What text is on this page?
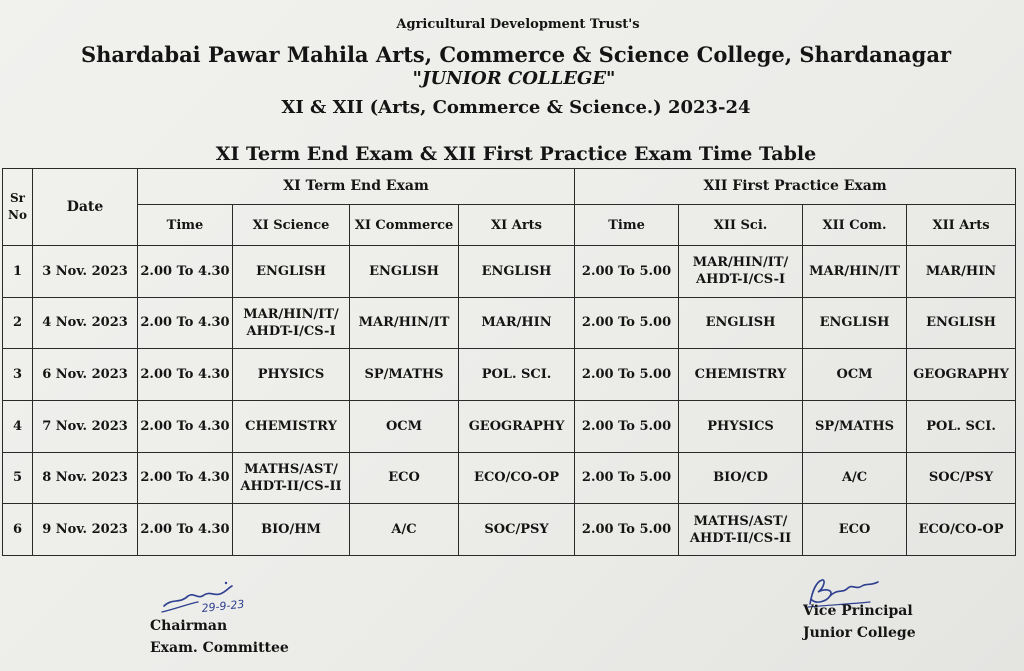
Agricultural Development Trust's
Shardabai Pawar Mahila Arts, Commerce & Science College, Shardanagar
"JUNIOR COLLEGE"
XI & XII (Arts, Commerce & Science.) 2023-24
XI Term End Exam & XII First Practice Exam Time Table
Sr
No	Date	XI Term End Exam				XII First Practice Exam			
		Time	XI Science	XI Commerce	XI Arts	Time	XII Sci.	XII Com.	XII Arts
1	3 Nov. 2023	2.00 To 4.30	ENGLISH	ENGLISH	ENGLISH	2.00 To 5.00	MAR/HIN/IT/
AHDT-I/CS-I	MAR/HIN/IT	MAR/HIN

2	4 Nov. 2023	2.00 To 4.30	MAR/HIN/IT/
AHDT-I/CS-I	MAR/HIN/IT	MAR/HIN	2.00 To 5.00	ENGLISH	ENGLISH	ENGLISH

3	6 Nov. 2023	2.00 To 4.30	PHYSICS	SP/MATHS	POL. SCI.	2.00 To 5.00	CHEMISTRY	OCM	GEOGRAPHY

4	7 Nov. 2023	2.00 To 4.30	CHEMISTRY	OCM	GEOGRAPHY	2.00 To 5.00	PHYSICS	SP/MATHS	POL. SCI.

5	8 Nov. 2023	2.00 To 4.30	MATHS/AST/
AHDT-II/CS-II	ECO	ECO/CO-OP	2.00 To 5.00	BIO/CD	A/C	SOC/PSY

6	9 Nov. 2023	2.00 To 4.30	BIO/HM	A/C	SOC/PSY	2.00 To 5.00	MATHS/AST/
AHDT-II/CS-II	ECO	ECO/CO-OP
29-9-23
Chairman
Exam. Committee
Vice Principal
Junior College
